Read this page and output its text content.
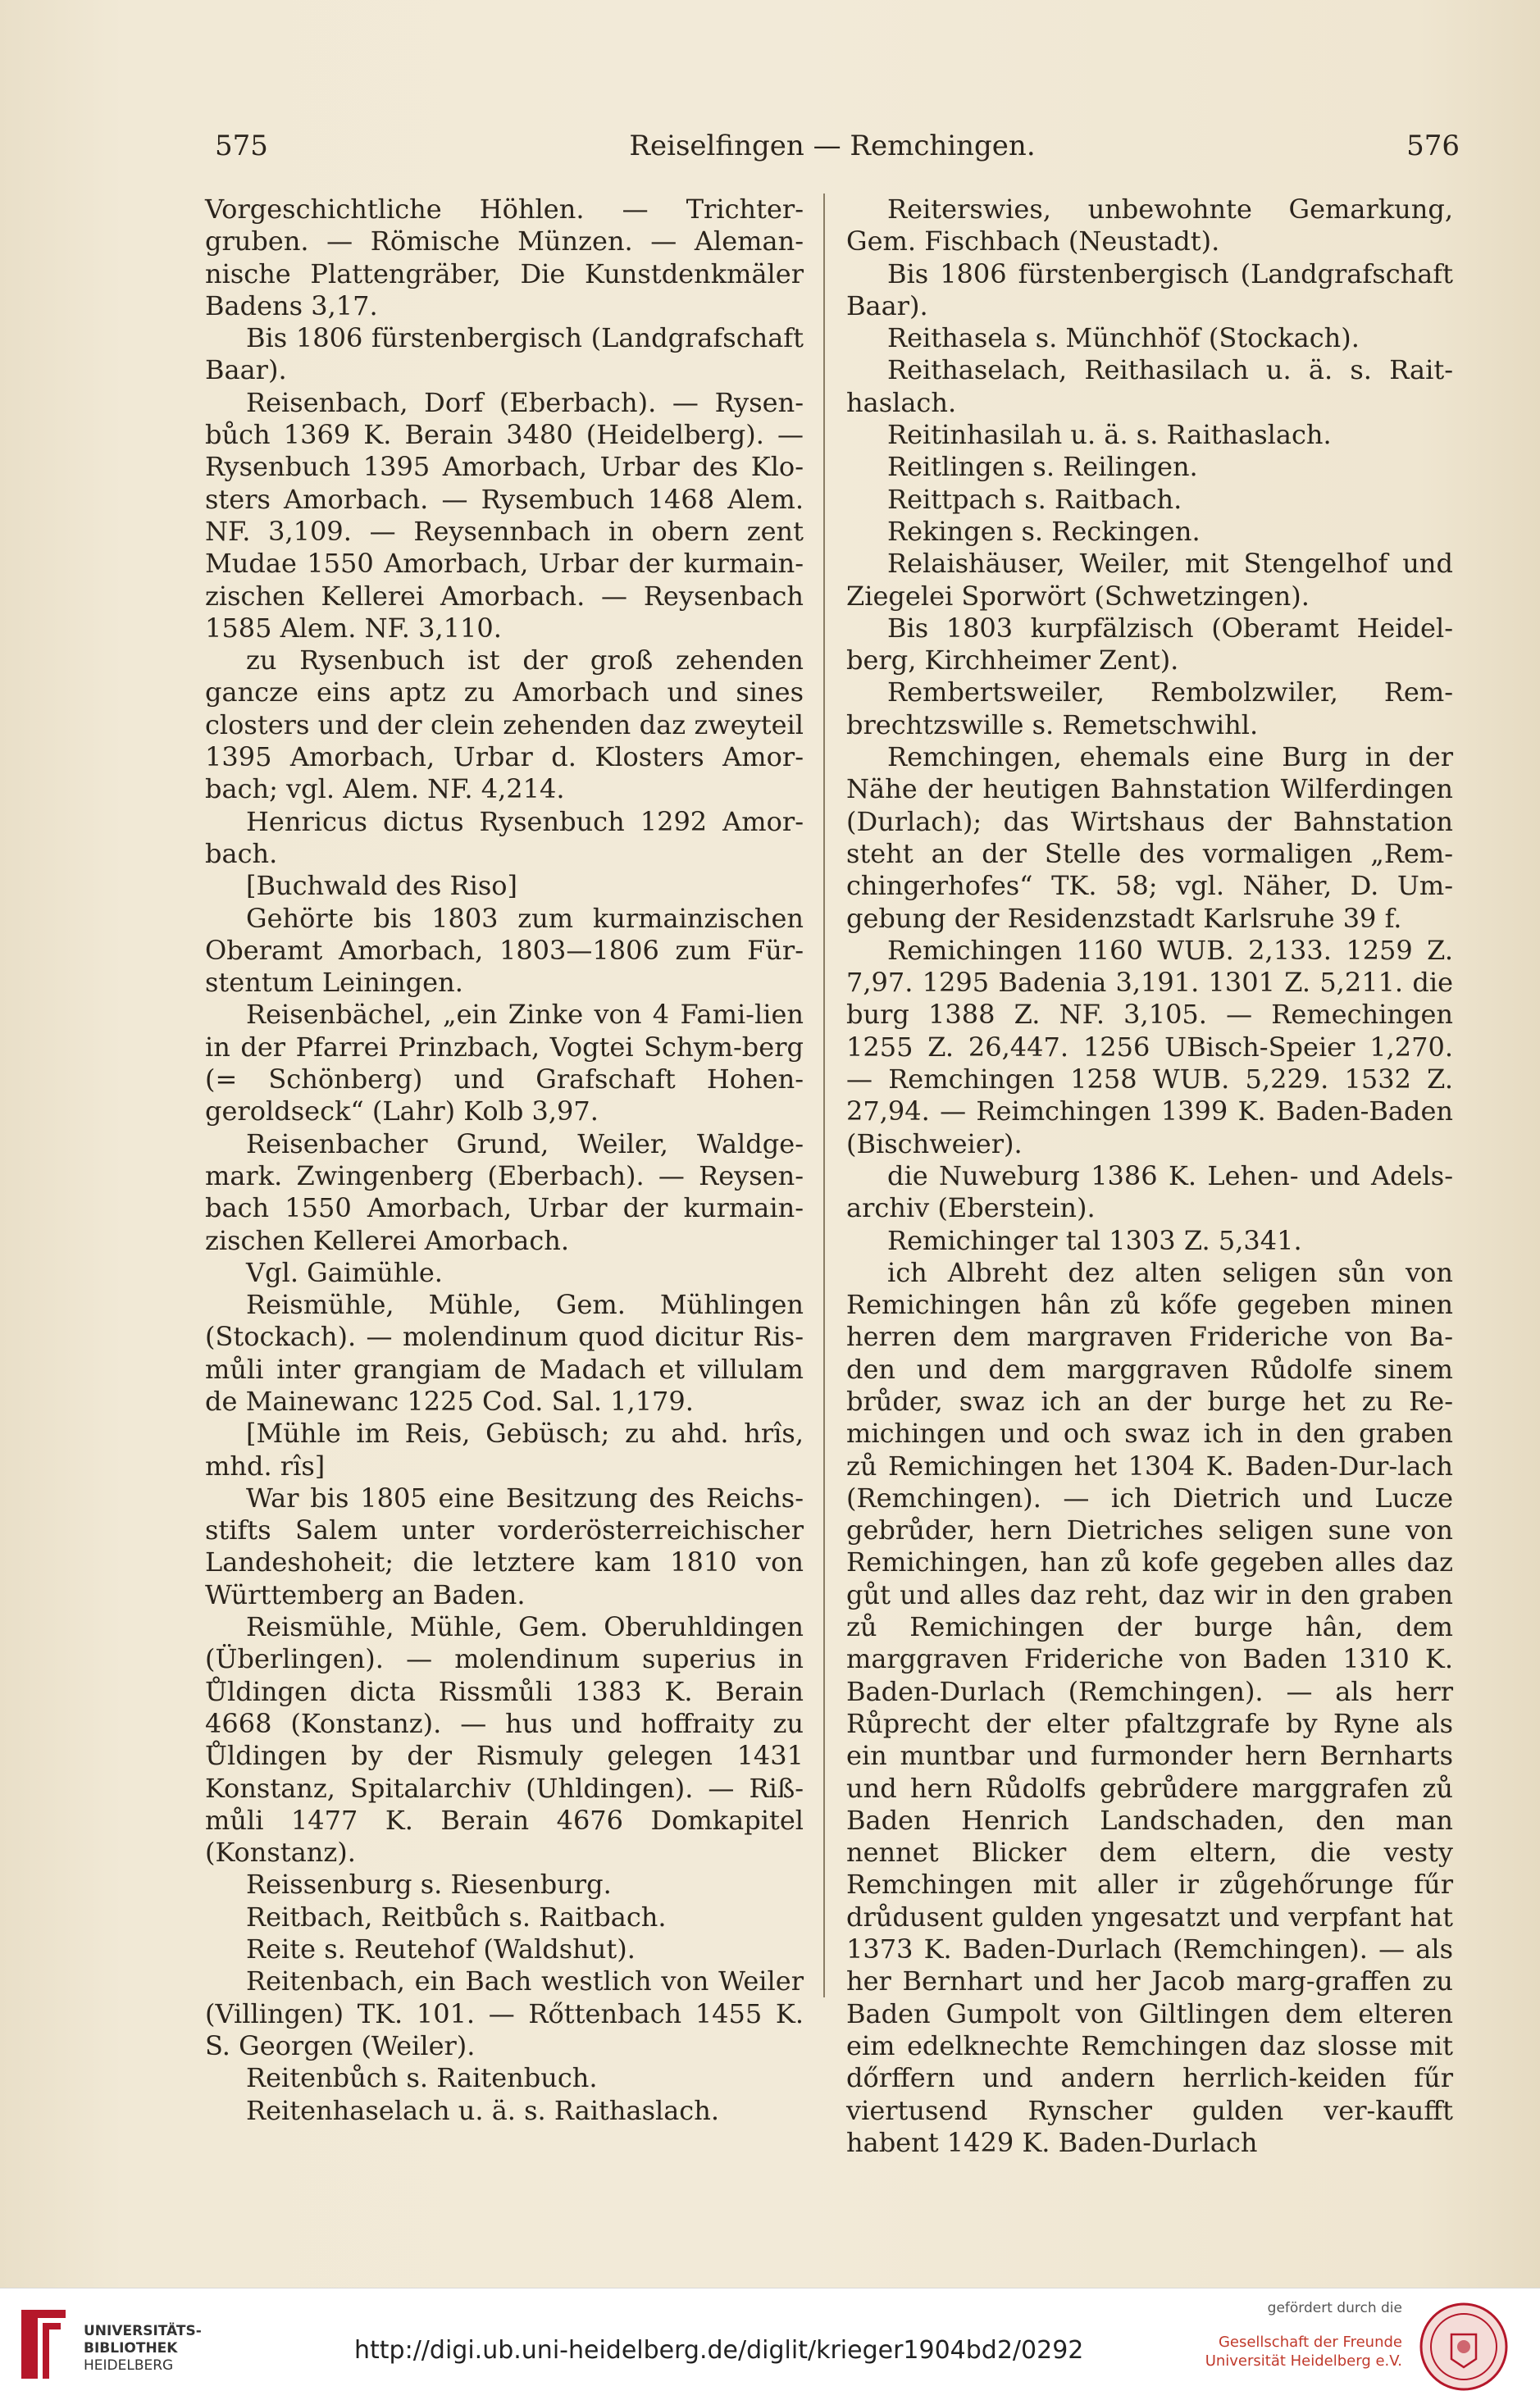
575	Reiselfingen — Remchingen.	576

Vorgeschichtliche Höhlen. — Trichter-gruben. — Römische Münzen. — Aleman-nische Plattengräber, Die Kunstdenkmäler Badens 3,17.

Bis 1806 fürstenbergisch (Landgrafschaft Baar).

Reisenbach, Dorf (Eberbach). — Rysen-bůch 1369 K. Berain 3480 (Heidelberg). — Rysenbuch 1395 Amorbach, Urbar des Klo-sters Amorbach. — Rysembuch 1468 Alem. NF. 3,109. — Reysennbach in obern zent Mudae 1550 Amorbach, Urbar der kurmain-zischen Kellerei Amorbach. — Reysenbach 1585 Alem. NF. 3,110.

zu Rysenbuch ist der groß zehenden gancze eins aptz zu Amorbach und sines closters und der clein zehenden daz zweyteil 1395 Amorbach, Urbar d. Klosters Amor-bach; vgl. Alem. NF. 4,214.

Henricus dictus Rysenbuch 1292 Amor-bach.

[Buchwald des Riso]

Gehörte bis 1803 zum kurmainzischen Oberamt Amorbach, 1803—1806 zum Für-stentum Leiningen.

Reisenbächel, „ein Zinke von 4 Fami-lien in der Pfarrei Prinzbach, Vogtei Schym-berg (= Schönberg) und Grafschaft Hohen-geroldseck“ (Lahr) Kolb 3,97.

Reisenbacher Grund, Weiler, Waldge-mark. Zwingenberg (Eberbach). — Reysen-bach 1550 Amorbach, Urbar der kurmain-zischen Kellerei Amorbach.

Vgl. Gaimühle.

Reismühle, Mühle, Gem. Mühlingen (Stockach). — molendinum quod dicitur Ris-můli inter grangiam de Madach et villulam de Mainewanc 1225 Cod. Sal. 1,179.

[Mühle im Reis, Gebüsch; zu ahd. hrîs, mhd. rîs]

War bis 1805 eine Besitzung des Reichs-stifts Salem unter vorderösterreichischer Landeshoheit; die letztere kam 1810 von Württemberg an Baden.

Reismühle, Mühle, Gem. Oberuhldingen (Überlingen). — molendinum superius in Ůldingen dicta Rissmůli 1383 K. Berain 4668 (Konstanz). — hus und hoffraity zu Ůldingen by der Rismuly gelegen 1431 Konstanz, Spitalarchiv (Uhldingen). — Riß-můli 1477 K. Berain 4676 Domkapitel (Konstanz).

Reissenburg s. Riesenburg.

Reitbach, Reitbůch s. Raitbach.

Reite s. Reutehof (Waldshut).

Reitenbach, ein Bach westlich von Weiler (Villingen) TK. 101. — Rőttenbach 1455 K. S. Georgen (Weiler).

Reitenbůch s. Raitenbuch.

Reitenhaselach u. ä. s. Raithaslach.

Reiterswies, unbewohnte Gemarkung, Gem. Fischbach (Neustadt).

Bis 1806 fürstenbergisch (Landgrafschaft Baar).

Reithasela s. Münchhöf (Stockach).

Reithaselach, Reithasilach u. ä. s. Rait-haslach.

Reitinhasilah u. ä. s. Raithaslach.

Reitlingen s. Reilingen.

Reittpach s. Raitbach.

Rekingen s. Reckingen.

Relaishäuser, Weiler, mit Stengelhof und Ziegelei Sporwört (Schwetzingen).

Bis 1803 kurpfälzisch (Oberamt Heidel-berg, Kirchheimer Zent).

Rembertsweiler, Rembolzwiler, Rem-brechtzswille s. Remetschwihl.

Remchingen, ehemals eine Burg in der Nähe der heutigen Bahnstation Wilferdingen (Durlach); das Wirtshaus der Bahnstation steht an der Stelle des vormaligen „Rem-chingerhofes“ TK. 58; vgl. Näher, D. Um-gebung der Residenzstadt Karlsruhe 39 f.

Remichingen 1160 WUB. 2,133. 1259 Z. 7,97. 1295 Badenia 3,191. 1301 Z. 5,211. die burg 1388 Z. NF. 3,105. — Remechingen 1255 Z. 26,447. 1256 UBisch-Speier 1,270. — Remchingen 1258 WUB. 5,229. 1532 Z. 27,94. — Reimchingen 1399 K. Baden-Baden (Bischweier).

die Nuweburg 1386 K. Lehen- und Adels-archiv (Eberstein).

Remichinger tal 1303 Z. 5,341.

ich Albreht dez alten seligen sůn von Remichingen hân zů kőfe gegeben minen herren dem margraven Frideriche von Ba-den und dem marggraven Růdolfe sinem brůder, swaz ich an der burge het zu Re-michingen und och swaz ich in den graben zů Remichingen het 1304 K. Baden-Dur-lach (Remchingen). — ich Dietrich und Lucze gebrůder, hern Dietriches seligen sune von Remichingen, han zů kofe gegeben alles daz gůt und alles daz reht, daz wir in den graben zů Remichingen der burge hân, dem marggraven Frideriche von Baden 1310 K. Baden-Durlach (Remchingen). — als herr Růprecht der elter pfaltzgrafe by Ryne als ein muntbar und furmonder hern Bernharts und hern Růdolfs gebrůdere marggrafen zů Baden Henrich Landschaden, den man nennet Blicker dem eltern, die vesty Remchingen mit aller ir zůgehőrunge fűr drůdusent gulden yngesatzt und verpfant hat 1373 K. Baden-Durlach (Remchingen). — als her Bernhart und her Jacob marg-graffen zu Baden Gumpolt von Giltlingen dem elteren eim edelknechte Remchingen daz slosse mit dőrffern und andern herrlich-keiden fűr viertusend Rynscher gulden ver-kaufft habent 1429 K. Baden-Durlach

UNIVERSITÄTS-
BIBLIOTHEK
HEIDELBERG
http://digi.ub.uni-heidelberg.de/diglit/krieger1904bd2/0292
gefördert durch die
Gesellschaft der Freunde
Universität Heidelberg e.V.
